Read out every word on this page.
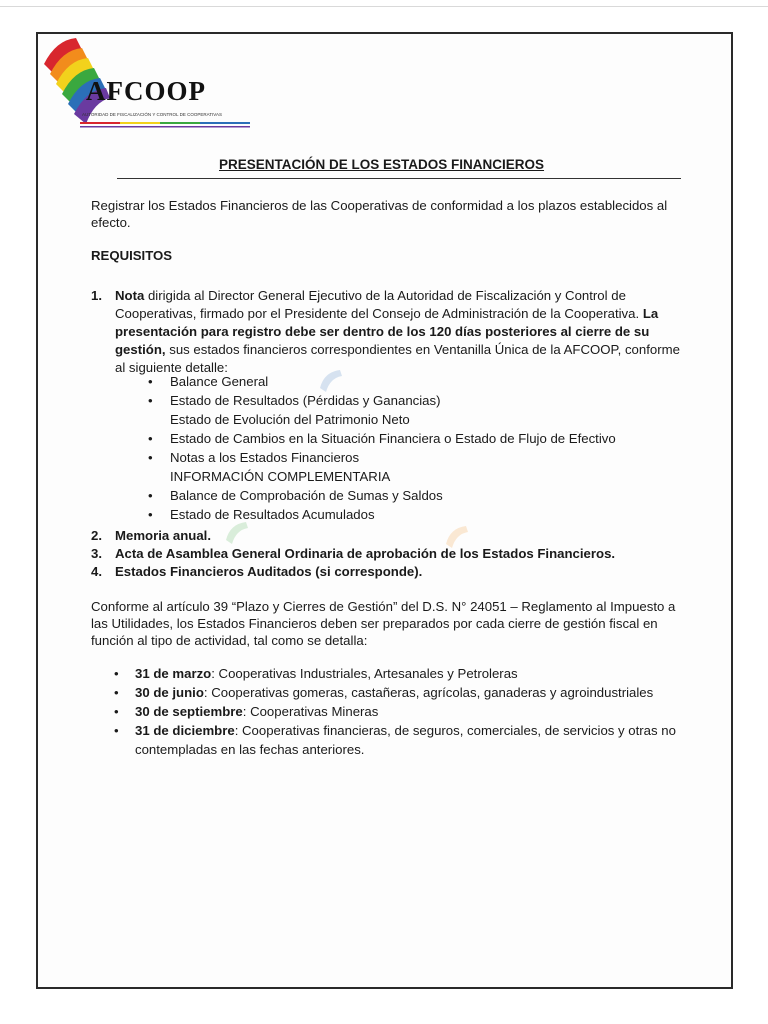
AFCOOP
AUTORIDAD DE FISCALIZACIÓN Y CONTROL DE COOPERATIVAS
PRESENTACIÓN DE LOS ESTADOS FINANCIEROS
Registrar los Estados Financieros de las Cooperativas de conformidad a los plazos establecidos al efecto.
REQUISITOS
1. Nota dirigida al Director General Ejecutivo de la Autoridad de Fiscalización y Control de Cooperativas, firmado por el Presidente del Consejo de Administración de la Cooperativa. La presentación para registro debe ser dentro de los 120 días posteriores al cierre de su gestión, sus estados financieros correspondientes en Ventanilla Única de la AFCOOP, conforme al siguiente detalle:
• Balance General
• Estado de Resultados (Pérdidas y Ganancias)
Estado de Evolución del Patrimonio Neto
• Estado de Cambios en la Situación Financiera o Estado de Flujo de Efectivo
• Notas a los Estados Financieros
INFORMACIÓN COMPLEMENTARIA
• Balance de Comprobación de Sumas y Saldos
• Estado de Resultados Acumulados
2. Memoria anual.
3. Acta de Asamblea General Ordinaria de aprobación de los Estados Financieros.
4. Estados Financieros Auditados (si corresponde).
Conforme al artículo 39 “Plazo y Cierres de Gestión” del D.S. N° 24051 – Reglamento al Impuesto a las Utilidades, los Estados Financieros deben ser preparados por cada cierre de gestión fiscal en función al tipo de actividad, tal como se detalla:
• 31 de marzo: Cooperativas Industriales, Artesanales y Petroleras
• 30 de junio: Cooperativas gomeras, castañeras, agrícolas, ganaderas y agroindustriales
• 30 de septiembre: Cooperativas Mineras
• 31 de diciembre: Cooperativas financieras, de seguros, comerciales, de servicios y otras no contempladas en las fechas anteriores.
